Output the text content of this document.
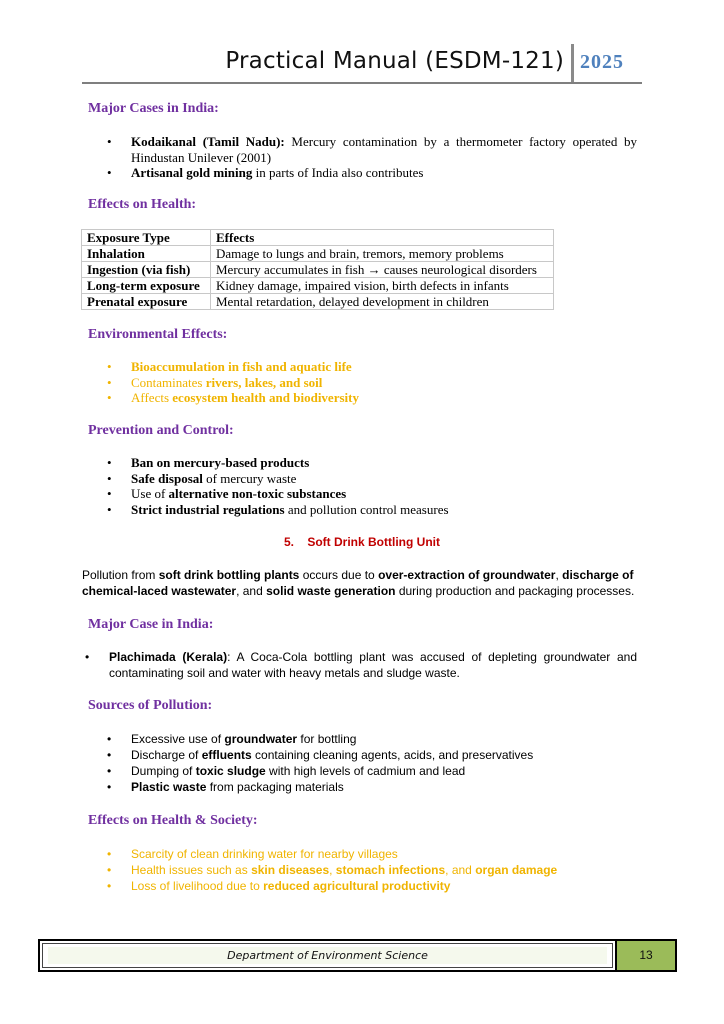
Practical Manual (ESDM-121) 2025
Major Cases in India:
• Kodaikanal (Tamil Nadu): Mercury contamination by a thermometer factory operated by Hindustan Unilever (2001)
• Artisanal gold mining in parts of India also contributes
Effects on Health:
Exposure Type	Effects
Inhalation	Damage to lungs and brain, tremors, memory problems
Ingestion (via fish)	Mercury accumulates in fish → causes neurological disorders
Long-term exposure	Kidney damage, impaired vision, birth defects in infants
Prenatal exposure	Mental retardation, delayed development in children
Environmental Effects:
• Bioaccumulation in fish and aquatic life
• Contaminates rivers, lakes, and soil
• Affects ecosystem health and biodiversity
Prevention and Control:
• Ban on mercury-based products
• Safe disposal of mercury waste
• Use of alternative non-toxic substances
• Strict industrial regulations and pollution control measures
5. Soft Drink Bottling Unit

Pollution from soft drink bottling plants occurs due to over-extraction of groundwater, discharge of chemical-laced wastewater, and solid waste generation during production and packaging processes.

Major Case in India:
• Plachimada (Kerala): A Coca-Cola bottling plant was accused of depleting groundwater and contaminating soil and water with heavy metals and sludge waste.
Sources of Pollution:
• Excessive use of groundwater for bottling
• Discharge of effluents containing cleaning agents, acids, and preservatives
• Dumping of toxic sludge with high levels of cadmium and lead
• Plastic waste from packaging materials
Effects on Health & Society:
• Scarcity of clean drinking water for nearby villages
• Health issues such as skin diseases, stomach infections, and organ damage
• Loss of livelihood due to reduced agricultural productivity
Department of Environment Science	13
